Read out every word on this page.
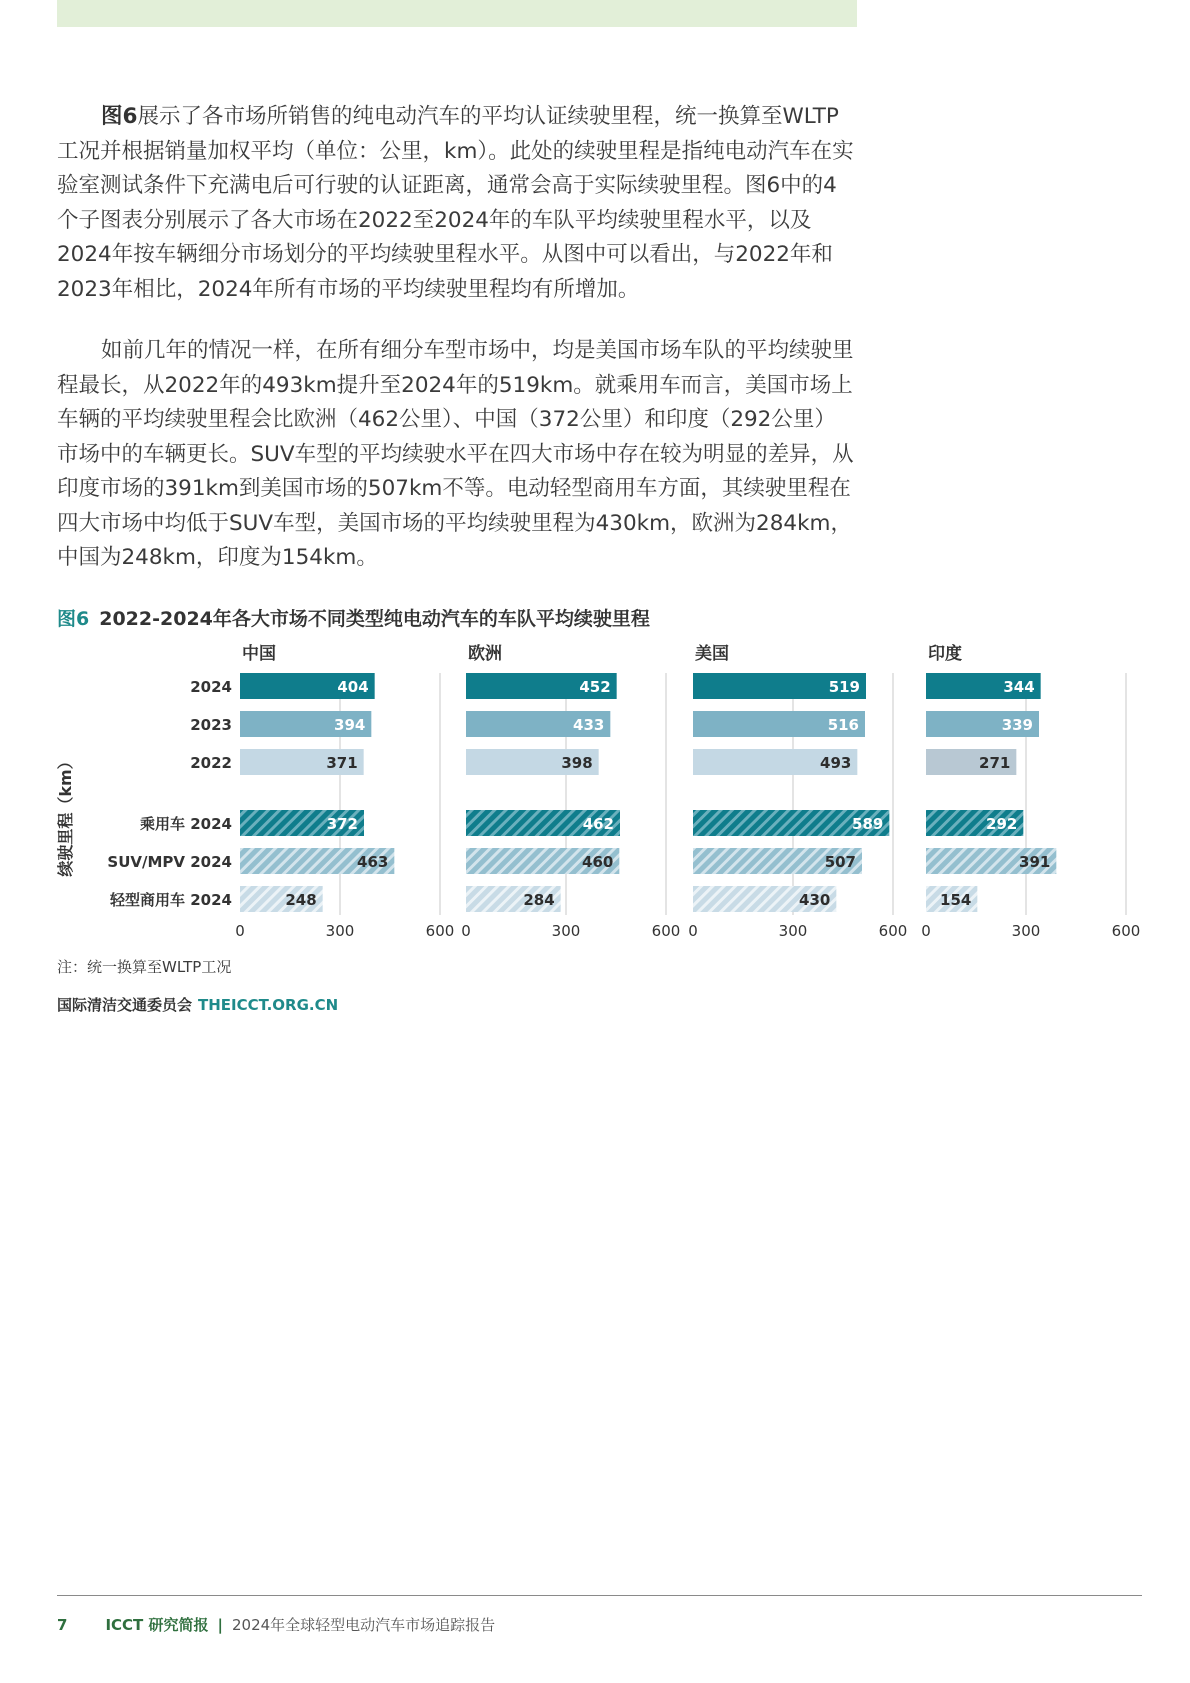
图6展示了各市场所销售的纯电动汽车的平均认证续驶里程，统一换算至WLTP工况并根据销量加权平均（单位：公里，km）。此处的续驶里程是指纯电动汽车在实验室测试条件下充满电后可行驶的认证距离，通常会高于实际续驶里程。图6中的4个子图表分别展示了各大市场在2022至2024年的车队平均续驶里程水平，以及2024年按车辆细分市场划分的平均续驶里程水平。从图中可以看出，与2022年和2023年相比，2024年所有市场的平均续驶里程均有所增加。

如前几年的情况一样，在所有细分车型市场中，均是美国市场车队的平均续驶里程最长，从2022年的493km提升至2024年的519km。就乘用车而言，美国市场上车辆的平均续驶里程会比欧洲（462公里）、中国（372公里）和印度（292公里）市场中的车辆更长。SUV车型的平均续驶水平在四大市场中存在较为明显的差异，从印度市场的391km到美国市场的507km不等。电动轻型商用车方面，其续驶里程在四大市场中均低于SUV车型，美国市场的平均续驶里程为430km，欧洲为284km，中国为248km，印度为154km。

图6 2022-2024年各大市场不同类型纯电动汽车的车队平均续驶里程
续驶里程（km）
2024
2023
2022
乘用车 2024
SUV/MPV 2024
轻型商用车 2024
中国
404
394
371
372
463
248
0	300	600
欧洲
452
433
398
462
460
284
0	300	600
美国
519
516
493
589
507
430
0	300	600
印度
344
339
271
292
391
154
0	300	600
注：统一换算至WLTP工况
国际清洁交通委员会 THEICCT.ORG.CN
7	ICCT 研究简报 | 2024年全球轻型电动汽车市场追踪报告
